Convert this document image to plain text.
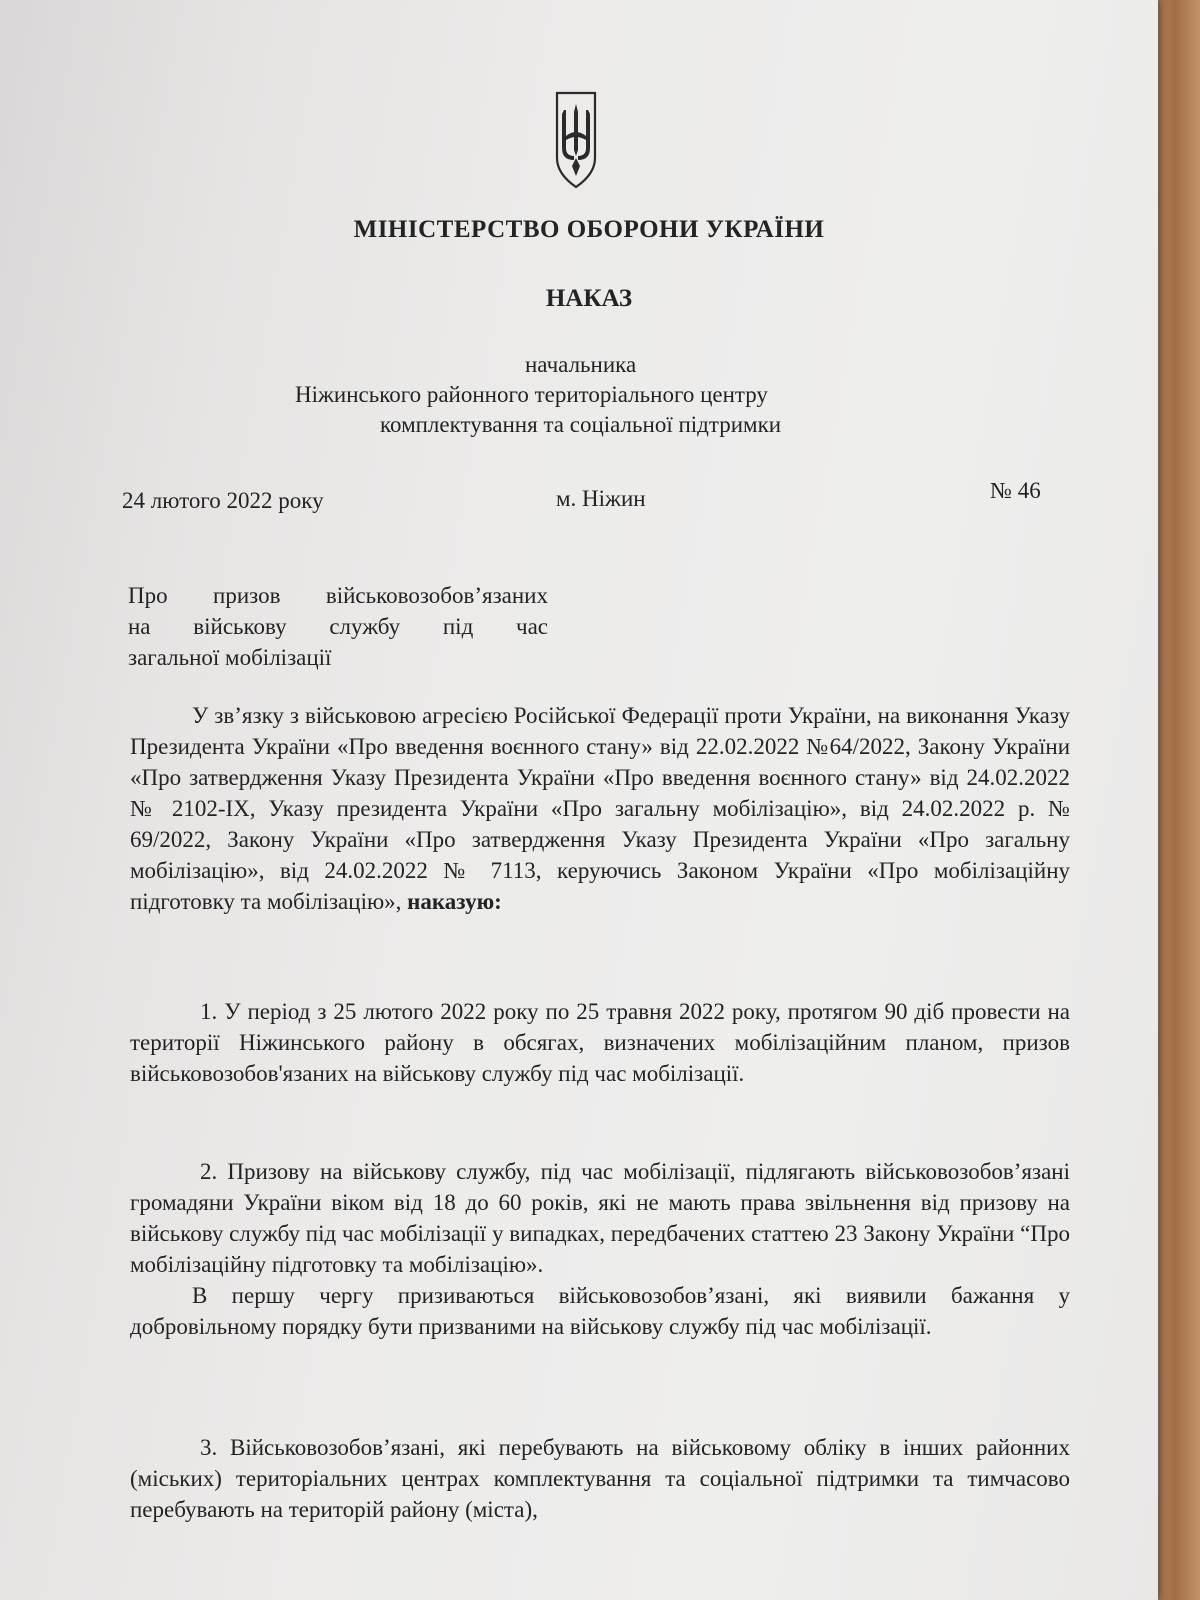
МІНІСТЕРСТВО ОБОРОНИ УКРАЇНИ
НАКАЗ
начальника
Ніжинського районного територіального центру
комплектування та соціальної підтримки
24 лютого 2022 року	м. Ніжин	№ 46
Про призов військовозобов’язаних
на військову службу під час
загальної мобілізації

У зв’язку з військовою агресією Російської Федерації проти України, на виконання Указу Президента України «Про введення воєнного стану» від 22.02.2022 №64/2022, Закону України «Про затвердження Указу Президента України «Про введення воєнного стану» від 24.02.2022 № 2102-IX, Указу президента України «Про загальну мобілізацію», від 24.02.2022 р. № 69/2022, Закону України «Про затвердження Указу Президента України «Про загальну мобілізацію», від 24.02.2022 № 7113, керуючись Законом України «Про мобілізаційну підготовку та мобілізацію», наказую:

1. У період з 25 лютого 2022 року по 25 травня 2022 року, протягом 90 діб провести на території Ніжинського району в обсягах, визначених мобілізаційним планом, призов військовозобов'язаних на військову службу під час мобілізації.

2. Призову на військову службу, під час мобілізації, підлягають військовозобов’язані громадяни України віком від 18 до 60 років, які не мають права звільнення від призову на військову службу під час мобілізації у випадках, передбачених статтею 23 Закону України “Про мобілізаційну підготовку та мобілізацію».

В першу чергу призиваються військовозобов’язані, які виявили бажання у добровільному порядку бути призваними на військову службу під час мобілізації.

3. Військовозобов’язані, які перебувають на військовому обліку в інших районних (міських) територіальних центрах комплектування та соціальної підтримки та тимчасово перебувають на територій району (міста),
